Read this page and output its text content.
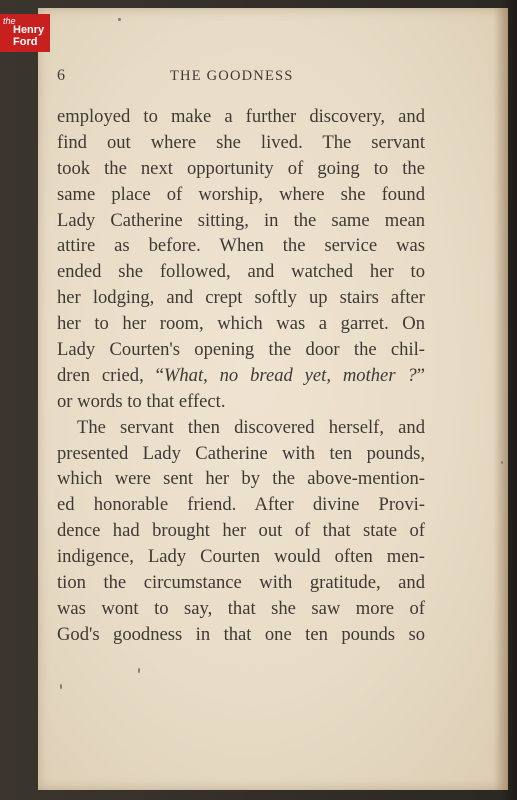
the
Henry
Ford
6	THE GOODNESS
employed to make a further discovery, and
find out where she lived. The servant
took the next opportunity of going to the
same place of worship, where she found
Lady Catherine sitting, in the same mean
attire as before. When the service was
ended she followed, and watched her to
her lodging, and crept softly up stairs after
her to her room, which was a garret. On
Lady Courten's opening the door the chil-
dren cried, “What, no bread yet, mother ?”
or words to that effect.
The servant then discovered herself, and
presented Lady Catherine with ten pounds,
which were sent her by the above-mention-
ed honorable friend. After divine Provi-
dence had brought her out of that state of
indigence, Lady Courten would often men-
tion the circumstance with gratitude, and
was wont to say, that she saw more of
God's goodness in that one ten pounds so
